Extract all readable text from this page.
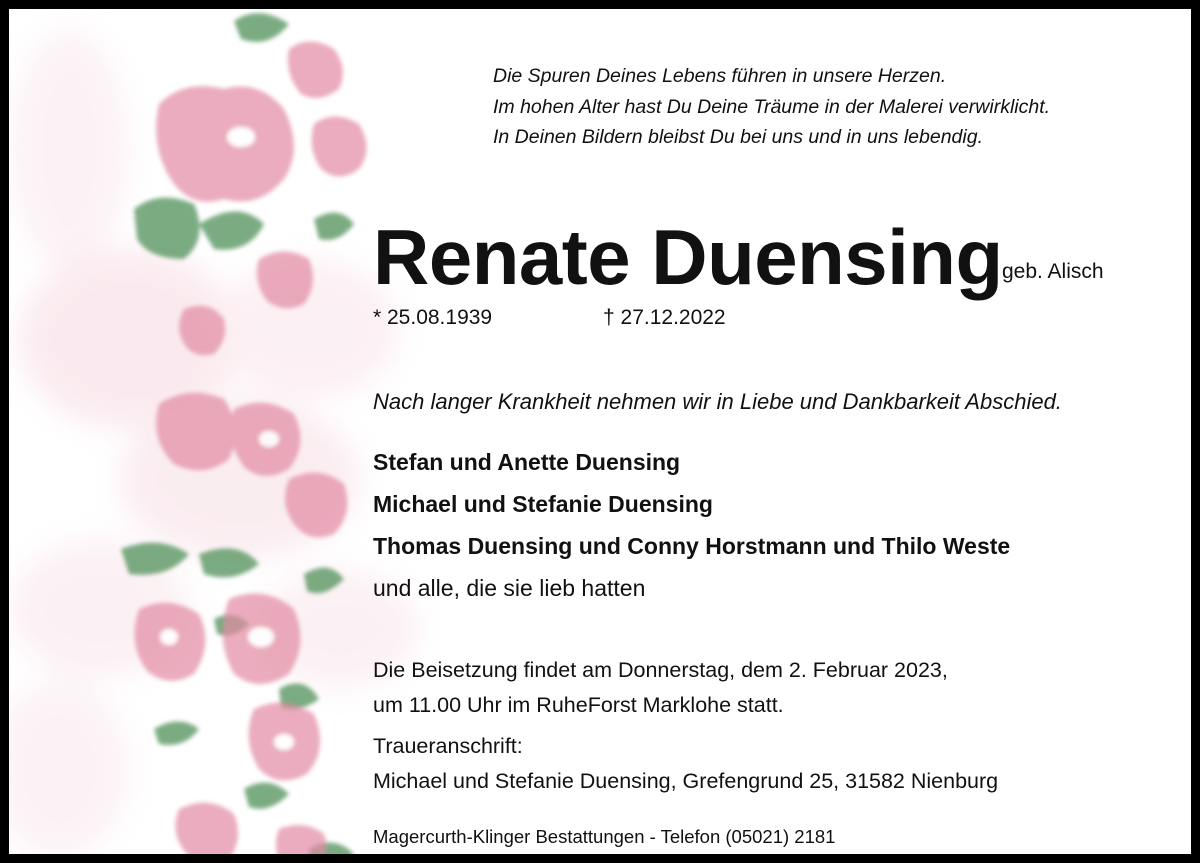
Die Spuren Deines Lebens führen in unsere Herzen.
Im hohen Alter hast Du Deine Träume in der Malerei verwirklicht.
In Deinen Bildern bleibst Du bei uns und in uns lebendig.
Renate Duensing geb. Alisch
* 25.08.1939	† 27.12.2022
Nach langer Krankheit nehmen wir in Liebe und Dankbarkeit Abschied.
Stefan und Anette Duensing
Michael und Stefanie Duensing
Thomas Duensing und Conny Horstmann und Thilo Weste
und alle, die sie lieb hatten
Die Beisetzung findet am Donnerstag, dem 2. Februar 2023,
um 11.00 Uhr im RuheForst Marklohe statt.
Traueranschrift:
Michael und Stefanie Duensing, Grefengrund 25, 31582 Nienburg
Magercurth-Klinger Bestattungen - Telefon (05021) 2181
